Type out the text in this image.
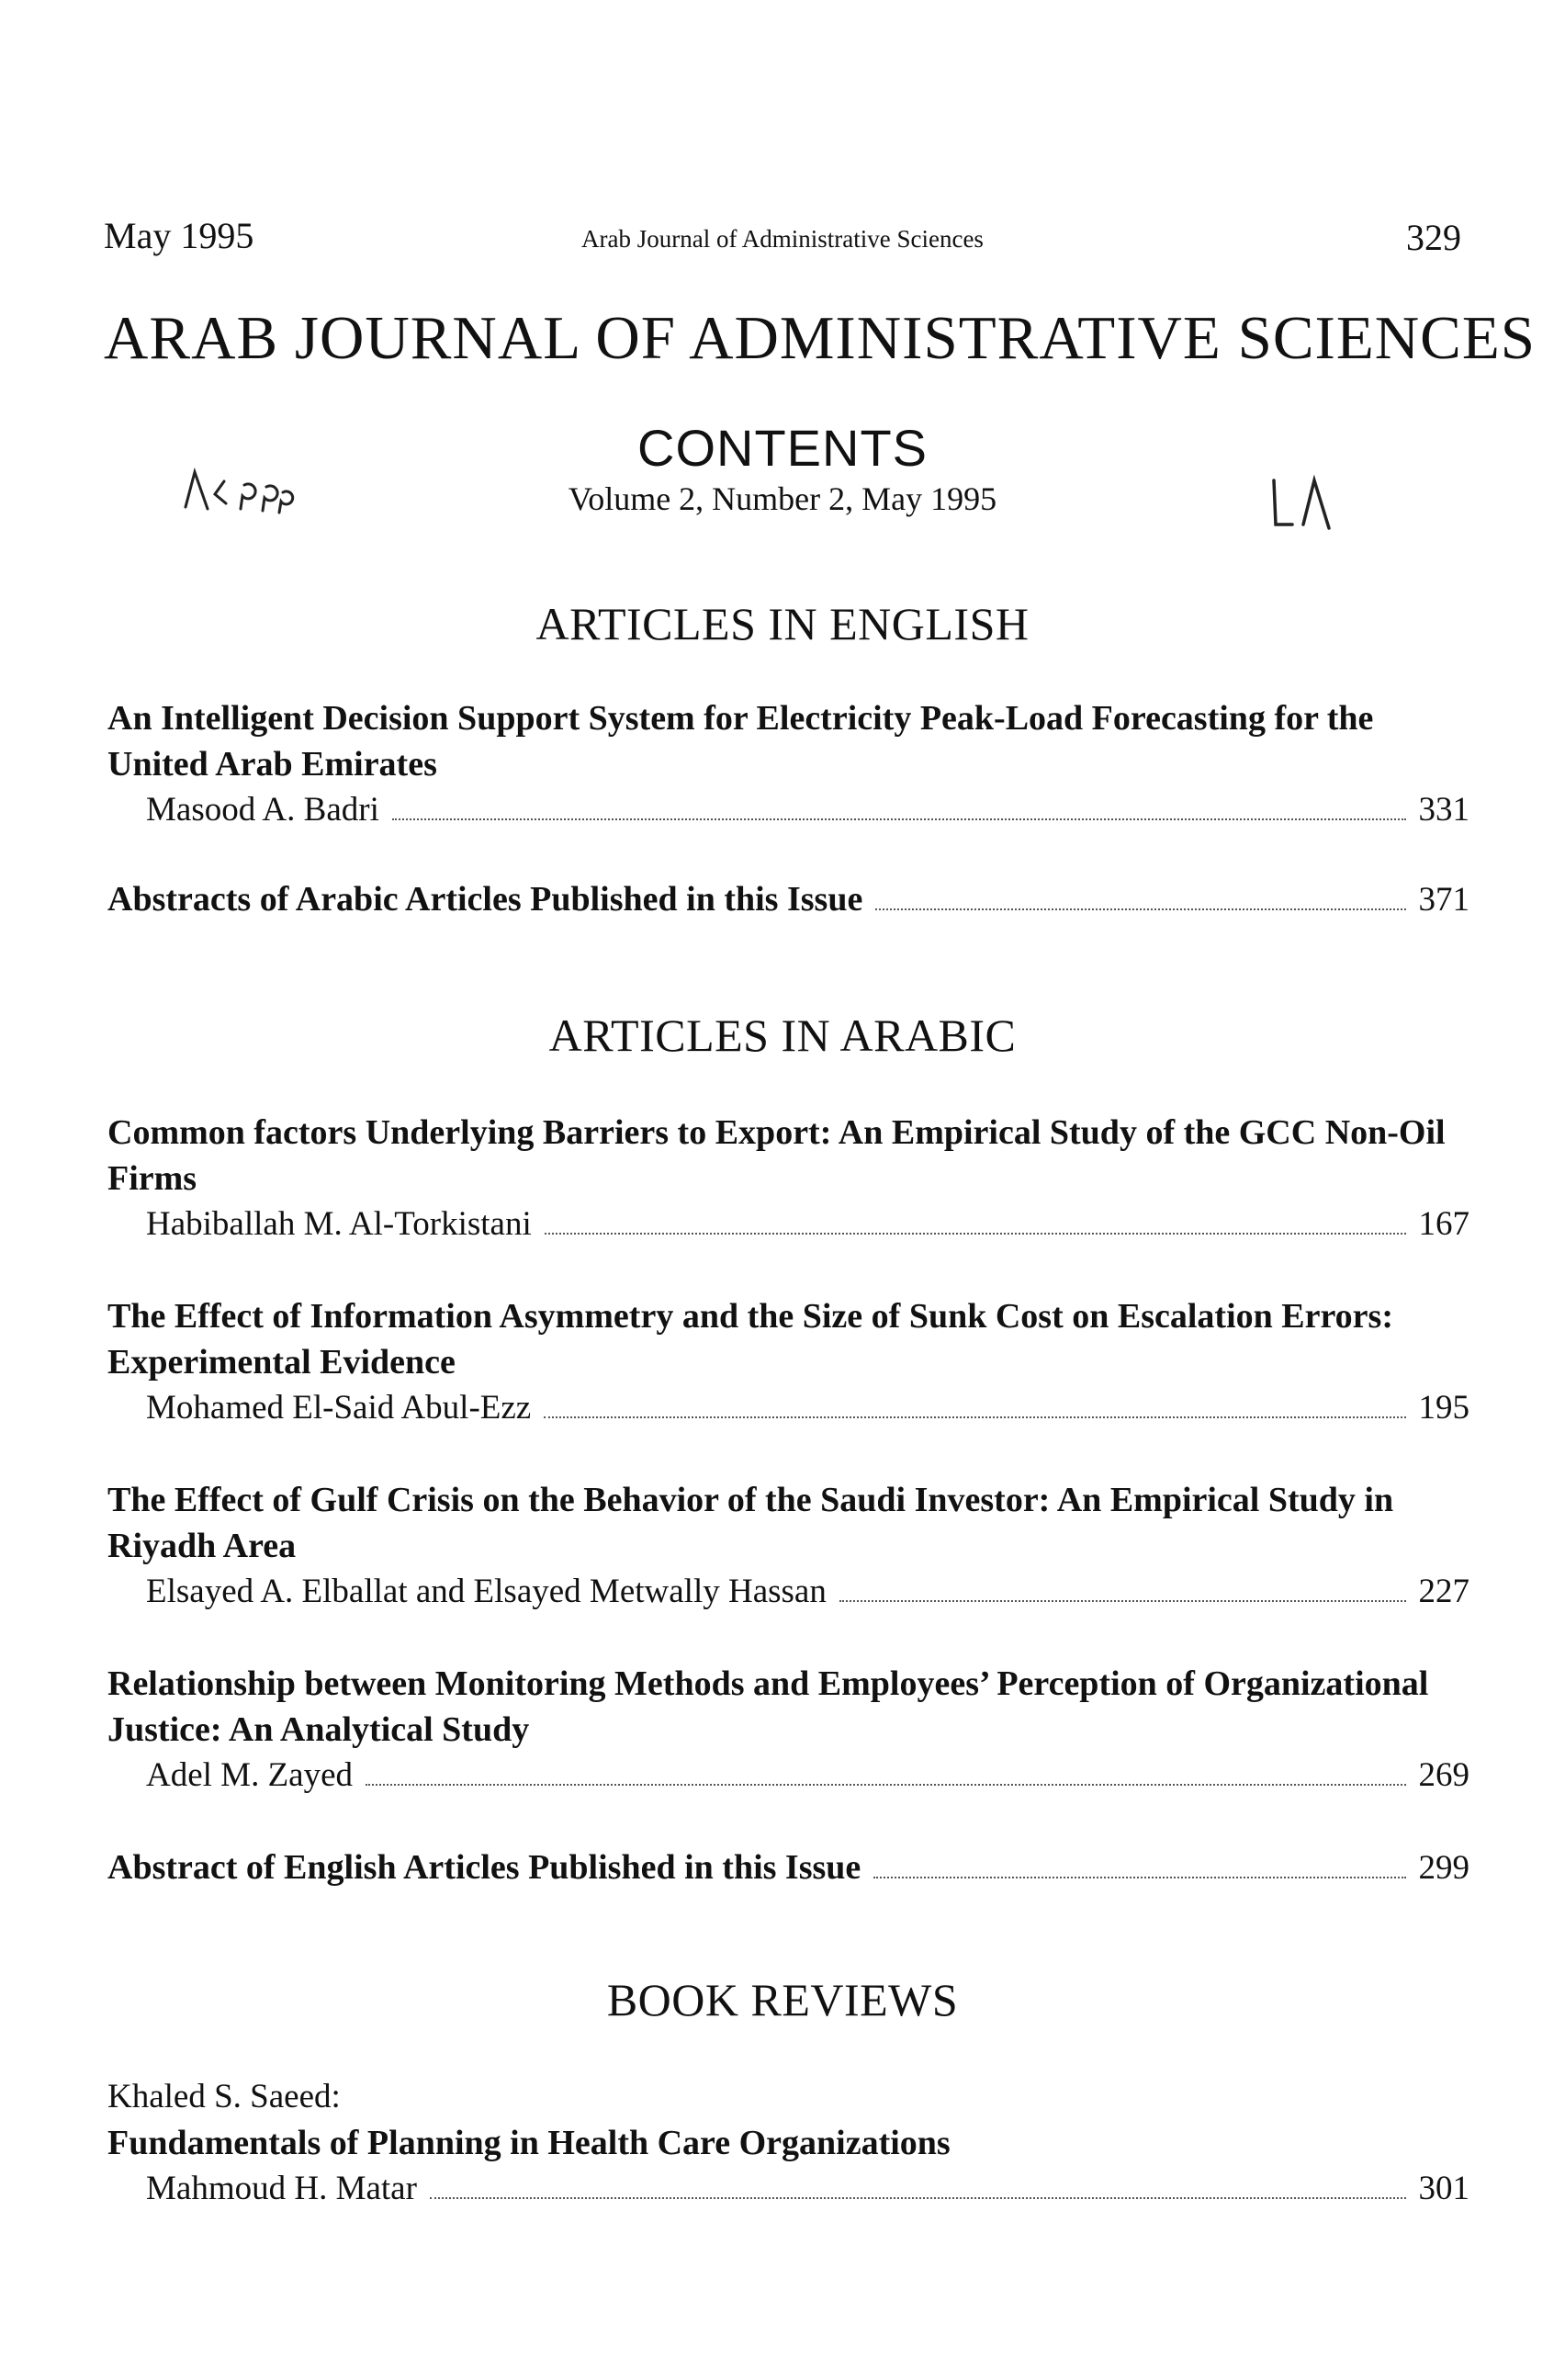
May 1995	Arab Journal of Administrative Sciences	329
ARAB JOURNAL OF ADMINISTRATIVE SCIENCES
CONTENTS
Volume 2, Number 2, May 1995
ARTICLES IN ENGLISH
An Intelligent Decision Support System for Electricity Peak-Load Forecasting for the United Arab Emirates
Masood A. Badri	331
Abstracts of Arabic Articles Published in this Issue	371
ARTICLES IN ARABIC
Common factors Underlying Barriers to Export: An Empirical Study of the GCC Non-Oil Firms
Habiballah M. Al-Torkistani	167
The Effect of Information Asymmetry and the Size of Sunk Cost on Escalation Errors: Experimental Evidence
Mohamed El-Said Abul-Ezz	195
The Effect of Gulf Crisis on the Behavior of the Saudi Investor: An Empirical Study in Riyadh Area
Elsayed A. Elballat and Elsayed Metwally Hassan	227
Relationship between Monitoring Methods and Employees’ Perception of Organizational Justice: An Analytical Study
Adel M. Zayed	269
Abstract of English Articles Published in this Issue	299
BOOK REVIEWS
Khaled S. Saeed:
Fundamentals of Planning in Health Care Organizations
Mahmoud H. Matar	301
